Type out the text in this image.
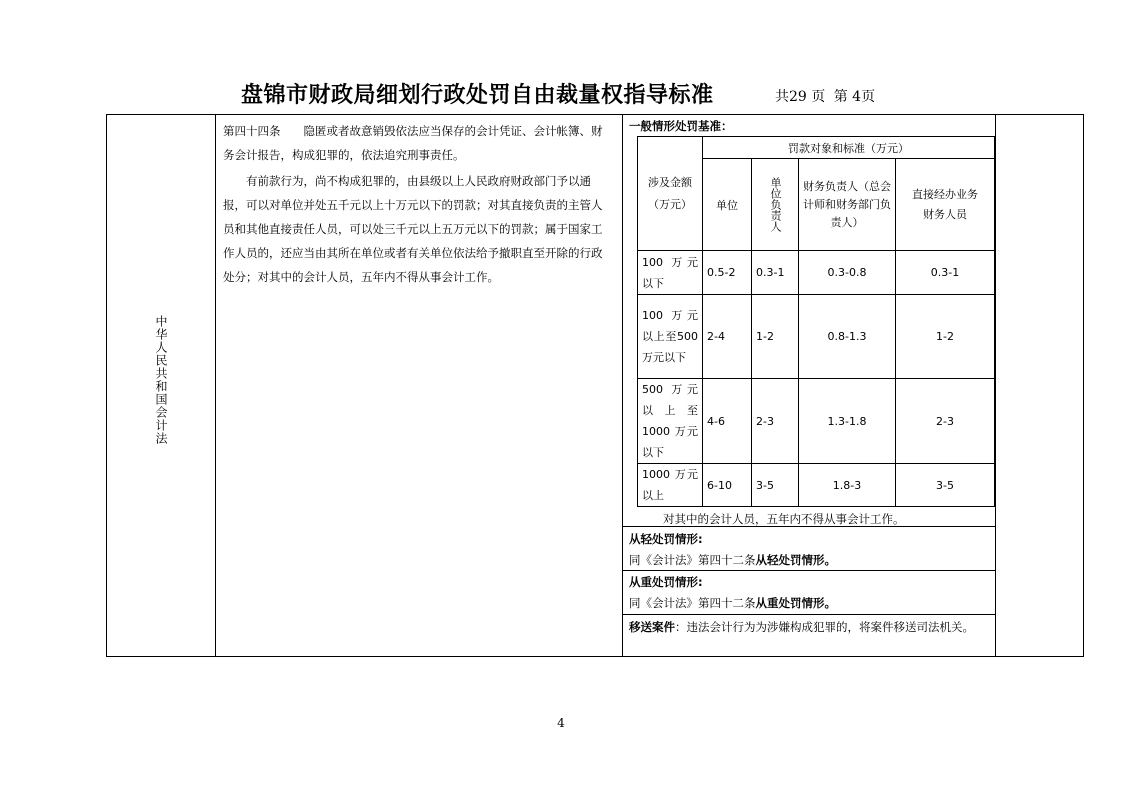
盘锦市财政局细划行政处罚自由裁量权指导标准	共29 页 第 4页
中华人民共和国会计法

第四十四条　　隐匿或者故意销毁依法应当保存的会计凭证、会计帐簿、财务会计报告，构成犯罪的，依法追究刑事责任。

有前款行为，尚不构成犯罪的，由县级以上人民政府财政部门予以通报，可以对单位并处五千元以上十万元以下的罚款；对其直接负责的主管人员和其他直接责任人员，可以处三千元以上五万元以下的罚款；属于国家工作人员的，还应当由其所在单位或者有关单位依法给予撤职直至开除的行政处分；对其中的会计人员，五年内不得从事会计工作。

一般情形处罚基准：
涉及金额（万元）	罚款对象和标准（万元）			
	单位	单位负责人	财务负责人（总会计师和财务部门负责人）	直接经办业务财务人员

100 万元以下	0.5-2	0.3-1	0.3-0.8	0.3-1
100 万元以上至500 万元以下	2-4	1-2	0.8-1.3	1-2
500 万元以上至1000 万元以下	4-6	2-3	1.3-1.8	2-3
1000 万元以上	6-10	3-5	1.8-3	3-5
对其中的会计人员，五年内不得从事会计工作。
从轻处罚情形:
同《会计法》第四十二条从轻处罚情形。
从重处罚情形:
同《会计法》第四十二条从重处罚情形。
移送案件：违法会计行为为涉嫌构成犯罪的，将案件移送司法机关。
4
